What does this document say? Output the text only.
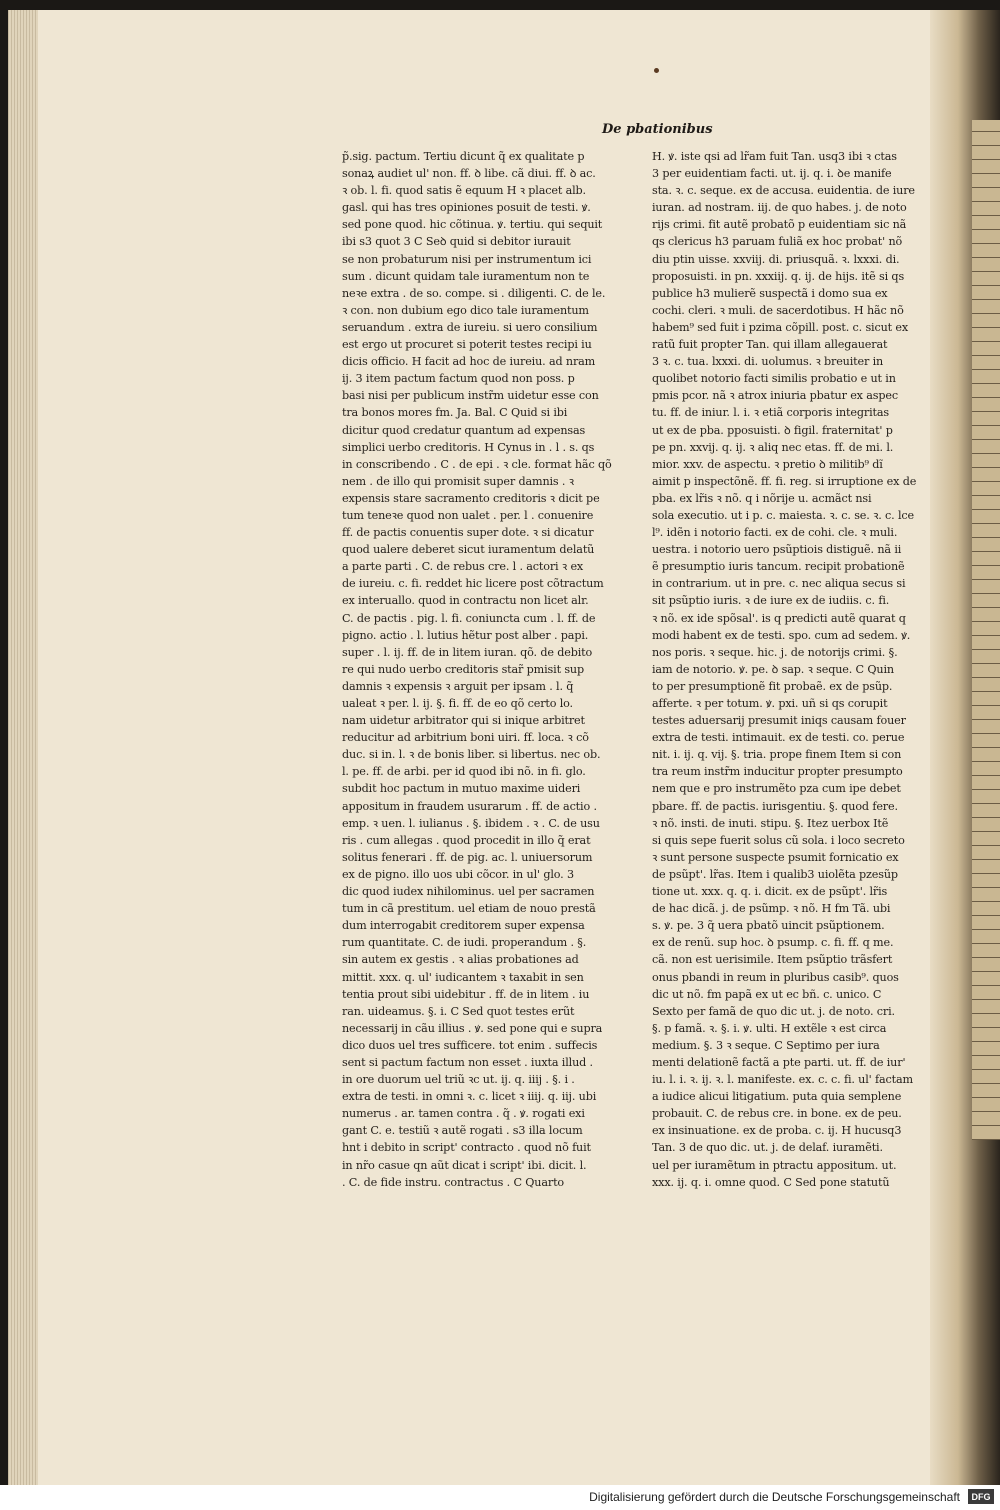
De pbationibus
p̃.sig. pactum. Tertiu dicunt q̃ ex qualitate p
sonaꝝ audiet ul' non. ff. ꝺ libe. cã diui. ff. ꝺ ac.
ꝛ ob. l. fi. quod satis ẽ equum H ꝛ placet alb.
gasl. qui has tres opiniones posuit de testi. ꝟ.
sed pone quod. hic cõtinua. ꝟ. tertiu. qui sequit
ibi s3 quot 3 C Seꝺ quid si debitor iurauit
se non probaturum nisi per instrumentum ici
sum . dicunt quidam tale iuramentum non te
neꝛe extra . de so. compe. si . diligenti. C. de le.
ꝛ con. non dubium ego dico tale iuramentum
seruandum . extra de iureiu. si uero consilium
est ergo ut procuret si poterit testes recipi iu
dicis officio. H facit ad hoc de iureiu. ad nram
ij. 3 item pactum factum quod non poss. p
basi nisi per publicum instr̃m uidetur esse con
tra bonos mores fm. Ja. Bal. C Quid si ibi
dicitur quod credatur quantum ad expensas
simplici uerbo creditoris. H Cynus in . l . s. qs
in conscribendo . C . de epi . ꝛ cle. format hãc qõ
nem . de illo qui promisit super damnis . ꝛ
expensis stare sacramento creditoris ꝛ dicit pe
tum teneꝛe quod non ualet . per. l . conuenire
ff. de pactis conuentis super dote. ꝛ si dicatur
quod ualere deberet sicut iuramentum delatũ
a parte parti . C. de rebus cre. l . actori ꝛ ex
de iureiu. c. fi. reddet hic licere post cõtractum
ex interuallo. quod in contractu non licet alr.
C. de pactis . pig. l. fi. coniuncta cum . l. ff. de
pigno. actio . l. lutius hẽtur post alber . papi.
super . l. ij. ff. de in litem iuran. qõ. de debito
re qui nudo uerbo creditoris star̃ pmisit sup
damnis ꝛ expensis ꝛ arguit per ipsam . l. q̃
ualeat ꝛ per. l. ij. §. fi. ff. de eo qõ certo lo.
nam uidetur arbitrator qui si inique arbitret
reducitur ad arbitrium boni uiri. ff. loca. ꝛ cõ
duc. si in. l. ꝛ de bonis liber. si libertus. nec ob.
l. pe. ff. de arbi. per id quod ibi nõ. in fi. glo.
subdit hoc pactum in mutuo maxime uideri
appositum in fraudem usurarum . ff. de actio .
emp. ꝛ uen. l. iulianus . §. ibidem . ꝛ . C. de usu
ris . cum allegas . quod procedit in illo q̃ erat
solitus fenerari . ff. de pig. ac. l. uniuersorum
ex de pigno. illo uos ubi cõcor. in ul' glo. 3
dic quod iudex nihilominus. uel per sacramen
tum in cã prestitum. uel etiam de nouo prestã
dum interrogabit creditorem super expensa
rum quantitate. C. de iudi. properandum . §.
sin autem ex gestis . ꝛ alias probationes ad
mittit. xxx. q. ul' iudicantem ꝛ taxabit in sen
tentia prout sibi uidebitur . ff. de in litem . iu
ran. uideamus. §. i. C Sed quot testes erũt
necessarij in cãu illius . ꝟ. sed pone qui e supra
dico duos uel tres sufficere. tot enim . suffecis
sent si pactum factum non esset . iuxta illud .
in ore duorum uel triũ ꝛc ut. ij. q. iiij . §. i .
extra de testi. in omni ꝛ. c. licet ꝛ iiij. q. iij. ubi
numerus . ar. tamen contra . q̃ . ꝟ. rogati exi
gant C. e. testiũ ꝛ autẽ rogati . s3 illa locum
hnt i debito in script' contracto . quod nõ fuit
in nr̃o casue qn aũt dicat i script' ibi. dicit. l.
. C. de fide instru. contractus . C Quarto
H. ꝟ. iste qsi ad lr̃am fuit Tan. usq3 ibi ꝛ ctas
3 per euidentiam facti. ut. ij. q. i. ꝺe manife
sta. ꝛ. c. seque. ex de accusa. euidentia. de iure
iuran. ad nostram. iij. de quo habes. j. de noto
rijs crimi. fit autẽ probatõ p euidentiam sic nã
qs clericus h3 paruam fuliã ex hoc probat' nõ
diu ptin uisse. xxviij. di. priusquã. ꝛ. lxxxi. di.
proposuisti. in pn. xxxiij. q. ij. de hijs. itẽ si qs
publice h3 mulierẽ suspectã i domo sua ex
cochi. cleri. ꝛ muli. de sacerdotibus. H hãc nõ
habem⁹ sed fuit i pzima cõpill. post. c. sicut ex
ratũ fuit propter Tan. qui illam allegauerat
3 ꝛ. c. tua. lxxxi. di. uolumus. ꝛ breuiter in
quolibet notorio facti similis probatio e ut in
pmis pcor. nã ꝛ atrox iniuria pbatur ex aspec
tu. ff. de iniur. l. i. ꝛ etiã corporis integritas
ut ex de pba. pposuisti. ꝺ figil. fraternitat' p
pe pn. xxvij. q. ij. ꝛ aliq nec etas. ff. de mi. l.
mior. xxv. de aspectu. ꝛ pretio ꝺ militib⁹ dĩ
aimit p inspectõnẽ. ff. fi. reg. si irruptione ex de
pba. ex lr̃is ꝛ nõ. q i nõrije u. acmãct nsi
sola executio. ut i p. c. maiesta. ꝛ. c. se. ꝛ. c. lce
l⁹. idẽn i notorio facti. ex de cohi. cle. ꝛ muli.
uestra. i notorio uero psũptiois distiguẽ. nã ii
ẽ presumptio iuris tancum. recipit probationẽ
in contrarium. ut in pre. c. nec aliqua secus si
sit psũptio iuris. ꝛ de iure ex de iudiis. c. fi.
ꝛ nõ. ex ide spõsal'. is q predicti autẽ quarat q
modi habent ex de testi. spo. cum ad sedem. ꝟ.
nos poris. ꝛ seque. hic. j. de notorijs crimi. §.
iam de notorio. ꝟ. pe. ꝺ sap. ꝛ seque. C Quin
to per presumptionẽ fit probaẽ. ex de psũp.
afferte. ꝛ per totum. ꝟ. pxi. uñ si qs corupit
testes aduersarij presumit iniqs causam fouer
extra de testi. intimauit. ex de testi. co. perue
nit. i. ij. q. vij. §. tria. prope finem Item si con
tra reum instr̃m inducitur propter presumpto
nem que e pro instrumẽto pza cum ipe debet
pbare. ff. de pactis. iurisgentiu. §. quod fere.
ꝛ nõ. insti. de inuti. stipu. §. Itez uerbox Itẽ
si quis sepe fuerit solus cũ sola. i loco secreto
ꝛ sunt persone suspecte psumit fornicatio ex
de psũpt'. lr̃as. Item i qualib3 uiolẽta pzesũp
tione ut. xxx. q. q. i. dicit. ex de psũpt'. lr̃is
de hac dicã. j. de psũmp. ꝛ nõ. H fm Tã. ubi
s. ꝟ. pe. 3 q̃ uera pbatõ uincit psũptionem.
ex de renũ. sup hoc. ꝺ psump. c. fi. ff. q me.
cã. non est uerisimile. Item psũptio trãsfert
onus pbandi in reum in pluribus casib⁹. quos
dic ut nõ. fm papã ex ut ec bñ. c. unico. C
Sexto per famã de quo dic ut. j. de noto. cri.
§. p famã. ꝛ. §. i. ꝟ. ulti. H extẽle ꝛ est circa
medium. §. 3 ꝛ seque. C Septimo per iura
menti delationẽ factã a pte parti. ut. ff. de iur'
iu. l. i. ꝛ. ij. ꝛ. l. manifeste. ex. c. c. fi. ul' factam
a iudice alicui litigatium. puta quia semplene
probauit. C. de rebus cre. in bone. ex de peu.
ex insinuatione. ex de proba. c. ij. H hucusq3
Tan. 3 de quo dic. ut. j. de delaf. iuramẽti.
uel per iuramẽtum in ptractu appositum. ut.
xxx. ij. q. i. omne quod. C Sed pone statutũ
Digitalisierung gefördert durch die Deutsche Forschungsgemeinschaft	DFG
